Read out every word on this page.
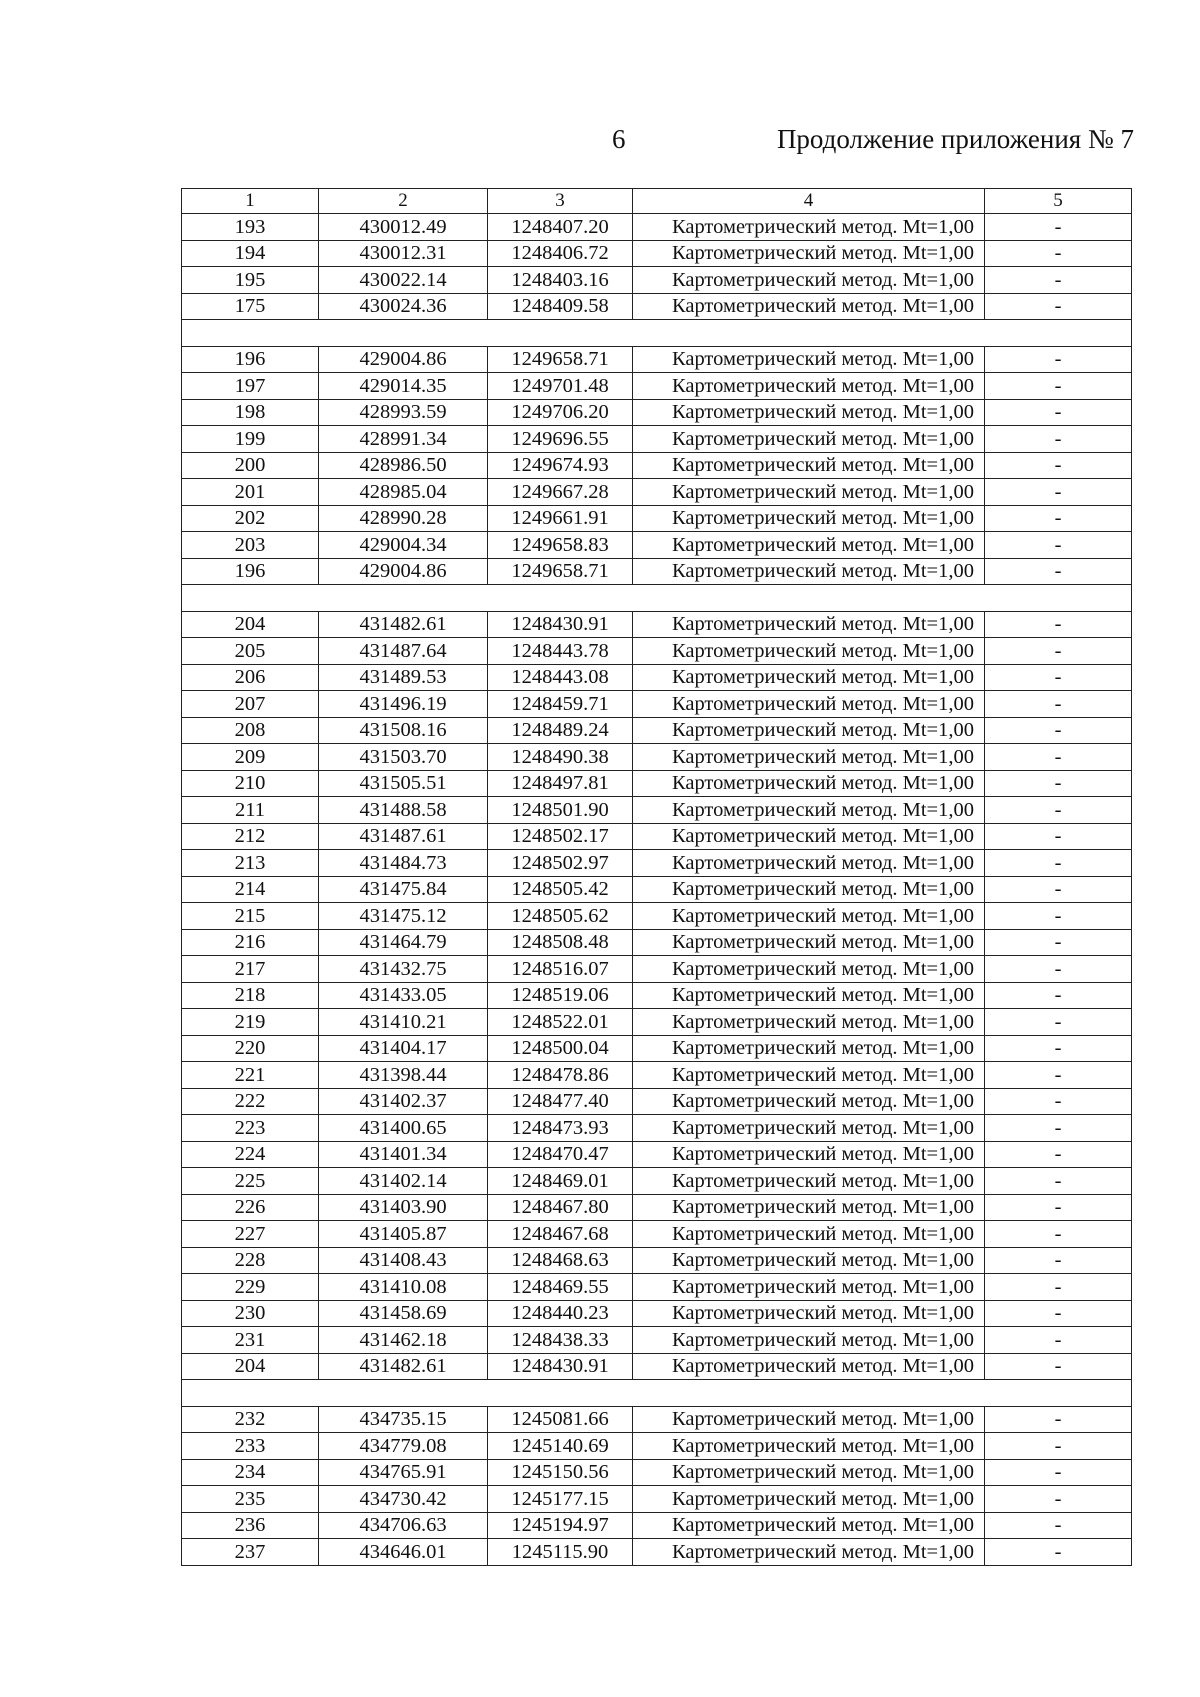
6	Продолжение приложения № 7
1	2	3	4	5
193	430012.49	1248407.20	Картометрический метод. Mt=1,00	-
194	430012.31	1248406.72	Картометрический метод. Mt=1,00	-
195	430022.14	1248403.16	Картометрический метод. Mt=1,00	-
175	430024.36	1248409.58	Картометрический метод. Mt=1,00	-

196	429004.86	1249658.71	Картометрический метод. Mt=1,00	-
197	429014.35	1249701.48	Картометрический метод. Mt=1,00	-
198	428993.59	1249706.20	Картометрический метод. Mt=1,00	-
199	428991.34	1249696.55	Картометрический метод. Mt=1,00	-
200	428986.50	1249674.93	Картометрический метод. Mt=1,00	-
201	428985.04	1249667.28	Картометрический метод. Mt=1,00	-
202	428990.28	1249661.91	Картометрический метод. Mt=1,00	-
203	429004.34	1249658.83	Картометрический метод. Mt=1,00	-
196	429004.86	1249658.71	Картометрический метод. Mt=1,00	-

204	431482.61	1248430.91	Картометрический метод. Mt=1,00	-
205	431487.64	1248443.78	Картометрический метод. Mt=1,00	-
206	431489.53	1248443.08	Картометрический метод. Mt=1,00	-
207	431496.19	1248459.71	Картометрический метод. Mt=1,00	-
208	431508.16	1248489.24	Картометрический метод. Mt=1,00	-
209	431503.70	1248490.38	Картометрический метод. Mt=1,00	-
210	431505.51	1248497.81	Картометрический метод. Mt=1,00	-
211	431488.58	1248501.90	Картометрический метод. Mt=1,00	-
212	431487.61	1248502.17	Картометрический метод. Mt=1,00	-
213	431484.73	1248502.97	Картометрический метод. Mt=1,00	-
214	431475.84	1248505.42	Картометрический метод. Mt=1,00	-
215	431475.12	1248505.62	Картометрический метод. Mt=1,00	-
216	431464.79	1248508.48	Картометрический метод. Mt=1,00	-
217	431432.75	1248516.07	Картометрический метод. Mt=1,00	-
218	431433.05	1248519.06	Картометрический метод. Mt=1,00	-
219	431410.21	1248522.01	Картометрический метод. Mt=1,00	-
220	431404.17	1248500.04	Картометрический метод. Mt=1,00	-
221	431398.44	1248478.86	Картометрический метод. Mt=1,00	-
222	431402.37	1248477.40	Картометрический метод. Mt=1,00	-
223	431400.65	1248473.93	Картометрический метод. Mt=1,00	-
224	431401.34	1248470.47	Картометрический метод. Mt=1,00	-
225	431402.14	1248469.01	Картометрический метод. Mt=1,00	-
226	431403.90	1248467.80	Картометрический метод. Mt=1,00	-
227	431405.87	1248467.68	Картометрический метод. Mt=1,00	-
228	431408.43	1248468.63	Картометрический метод. Mt=1,00	-
229	431410.08	1248469.55	Картометрический метод. Mt=1,00	-
230	431458.69	1248440.23	Картометрический метод. Mt=1,00	-
231	431462.18	1248438.33	Картометрический метод. Mt=1,00	-
204	431482.61	1248430.91	Картометрический метод. Mt=1,00	-

232	434735.15	1245081.66	Картометрический метод. Mt=1,00	-
233	434779.08	1245140.69	Картометрический метод. Mt=1,00	-
234	434765.91	1245150.56	Картометрический метод. Mt=1,00	-
235	434730.42	1245177.15	Картометрический метод. Mt=1,00	-
236	434706.63	1245194.97	Картометрический метод. Mt=1,00	-
237	434646.01	1245115.90	Картометрический метод. Mt=1,00	-
